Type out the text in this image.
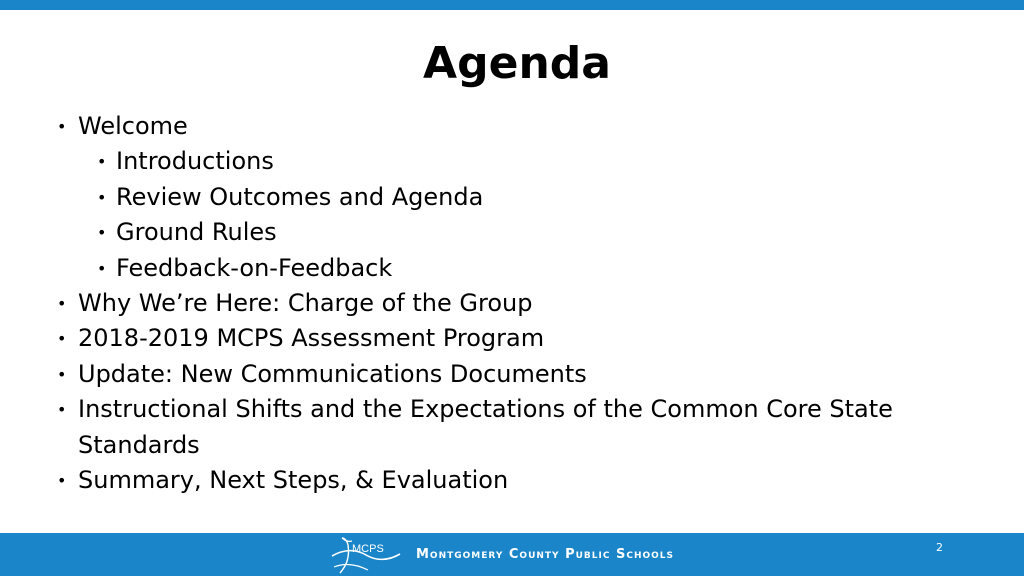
Agenda
• Welcome
• Introductions
• Review Outcomes and Agenda
• Ground Rules
• Feedback-on-Feedback
• Why We’re Here: Charge of the Group
• 2018-2019 MCPS Assessment Program
• Update: New Communications Documents
• Instructional Shifts and the Expectations of the Common Core State Standards
• Summary, Next Steps, & Evaluation
MCPS Montgomery County Public Schools	2
